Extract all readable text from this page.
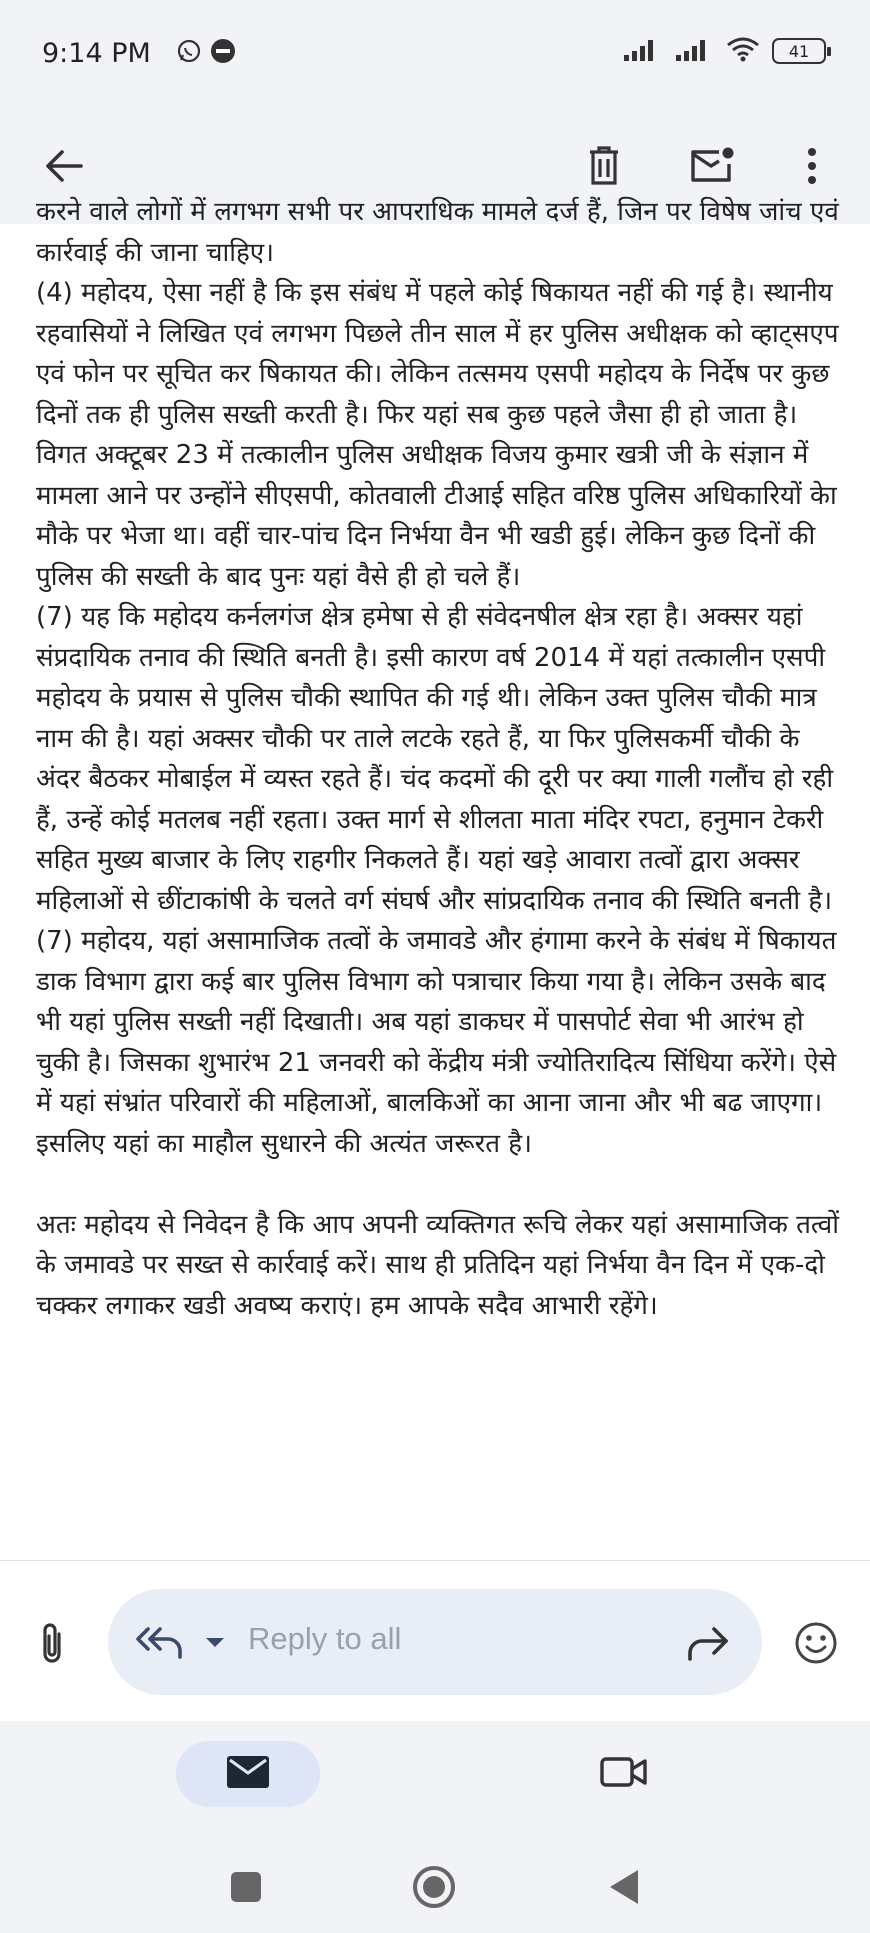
9:14 PM	41

करने वाले लोगों में लगभग सभी पर आपराधिक मामले दर्ज हैं, जिन पर विषेष जांच एवं कार्रवाई की जाना चाहिए।

(4) महोदय, ऐसा नहीं है कि इस संबंध में पहले कोई षिकायत नहीं की गई है। स्थानीय रहवासियों ने लिखित एवं लगभग पिछले तीन साल में हर पुलिस अधीक्षक को व्हाट्सएप एवं फोन पर सूचित कर षिकायत की। लेकिन तत्समय एसपी महोदय के निर्देष पर कुछ दिनों तक ही पुलिस सख्ती करती है। फिर यहां सब कुछ पहले जैसा ही हो जाता है। विगत अक्टूबर 23 में तत्कालीन पुलिस अधीक्षक विजय कुमार खत्री जी के संज्ञान में मामला आने पर उन्होंने सीएसपी, कोतवाली टीआई सहित वरिष्ठ पुलिस अधिकारियों केा मौके पर भेजा था। वहीं चार-पांच दिन निर्भया वैन भी खडी हुई। लेकिन कुछ दिनों की पुलिस की सख्ती के बाद पुनः यहां वैसे ही हो चले हैं।

(7) यह कि महोदय कर्नलगंज क्षेत्र हमेषा से ही संवेदनषील क्षेत्र रहा है। अक्सर यहां संप्रदायिक तनाव की स्थिति बनती है। इसी कारण वर्ष 2014 में यहां तत्कालीन एसपी महोदय के प्रयास से पुलिस चौकी स्थापित की गई थी। लेकिन उक्त पुलिस चौकी मात्र नाम की है। यहां अक्सर चौकी पर ताले लटके रहते हैं, या फिर पुलिसकर्मी चौकी के अंदर बैठकर मोबाईल में व्यस्त रहते हैं। चंद कदमों की दूरी पर क्या गाली गलौंच हो रही हैं, उन्हें कोई मतलब नहीं रहता। उक्त मार्ग से शीलता माता मंदिर रपटा, हनुमान टेकरी सहित मुख्य बाजार के लिए राहगीर निकलते हैं। यहां खड़े आवारा तत्वों द्वारा अक्सर महिलाओं से छींटाकांषी के चलते वर्ग संघर्ष और सांप्रदायिक तनाव की स्थिति बनती है।

(7) महोदय, यहां असामाजिक तत्वों के जमावडे और हंगामा करने के संबंध में षिकायत डाक विभाग द्वारा कई बार पुलिस विभाग को पत्राचार किया गया है। लेकिन उसके बाद भी यहां पुलिस सख्ती नहीं दिखाती। अब यहां डाकघर में पासपोर्ट सेवा भी आरंभ हो चुकी है। जिसका शुभारंभ 21 जनवरी को केंद्रीय मंत्री ज्योतिरादित्य सिंधिया करेंगे। ऐसे में यहां संभ्रांत परिवारों की महिलाओं, बालकिओं का आना जाना और भी बढ जाएगा। इसलिए यहां का माहौल सुधारने की अत्यंत जरूरत है।

अतः महोदय से निवेदन है कि आप अपनी व्यक्तिगत रूचि लेकर यहां असामाजिक तत्वों के जमावडे पर सख्त से कार्रवाई करें। साथ ही प्रतिदिन यहां निर्भया वैन दिन में एक-दो चक्कर लगाकर खडी अवष्य कराएं। हम आपके सदैव आभारी रहेंगे।

Reply to all
